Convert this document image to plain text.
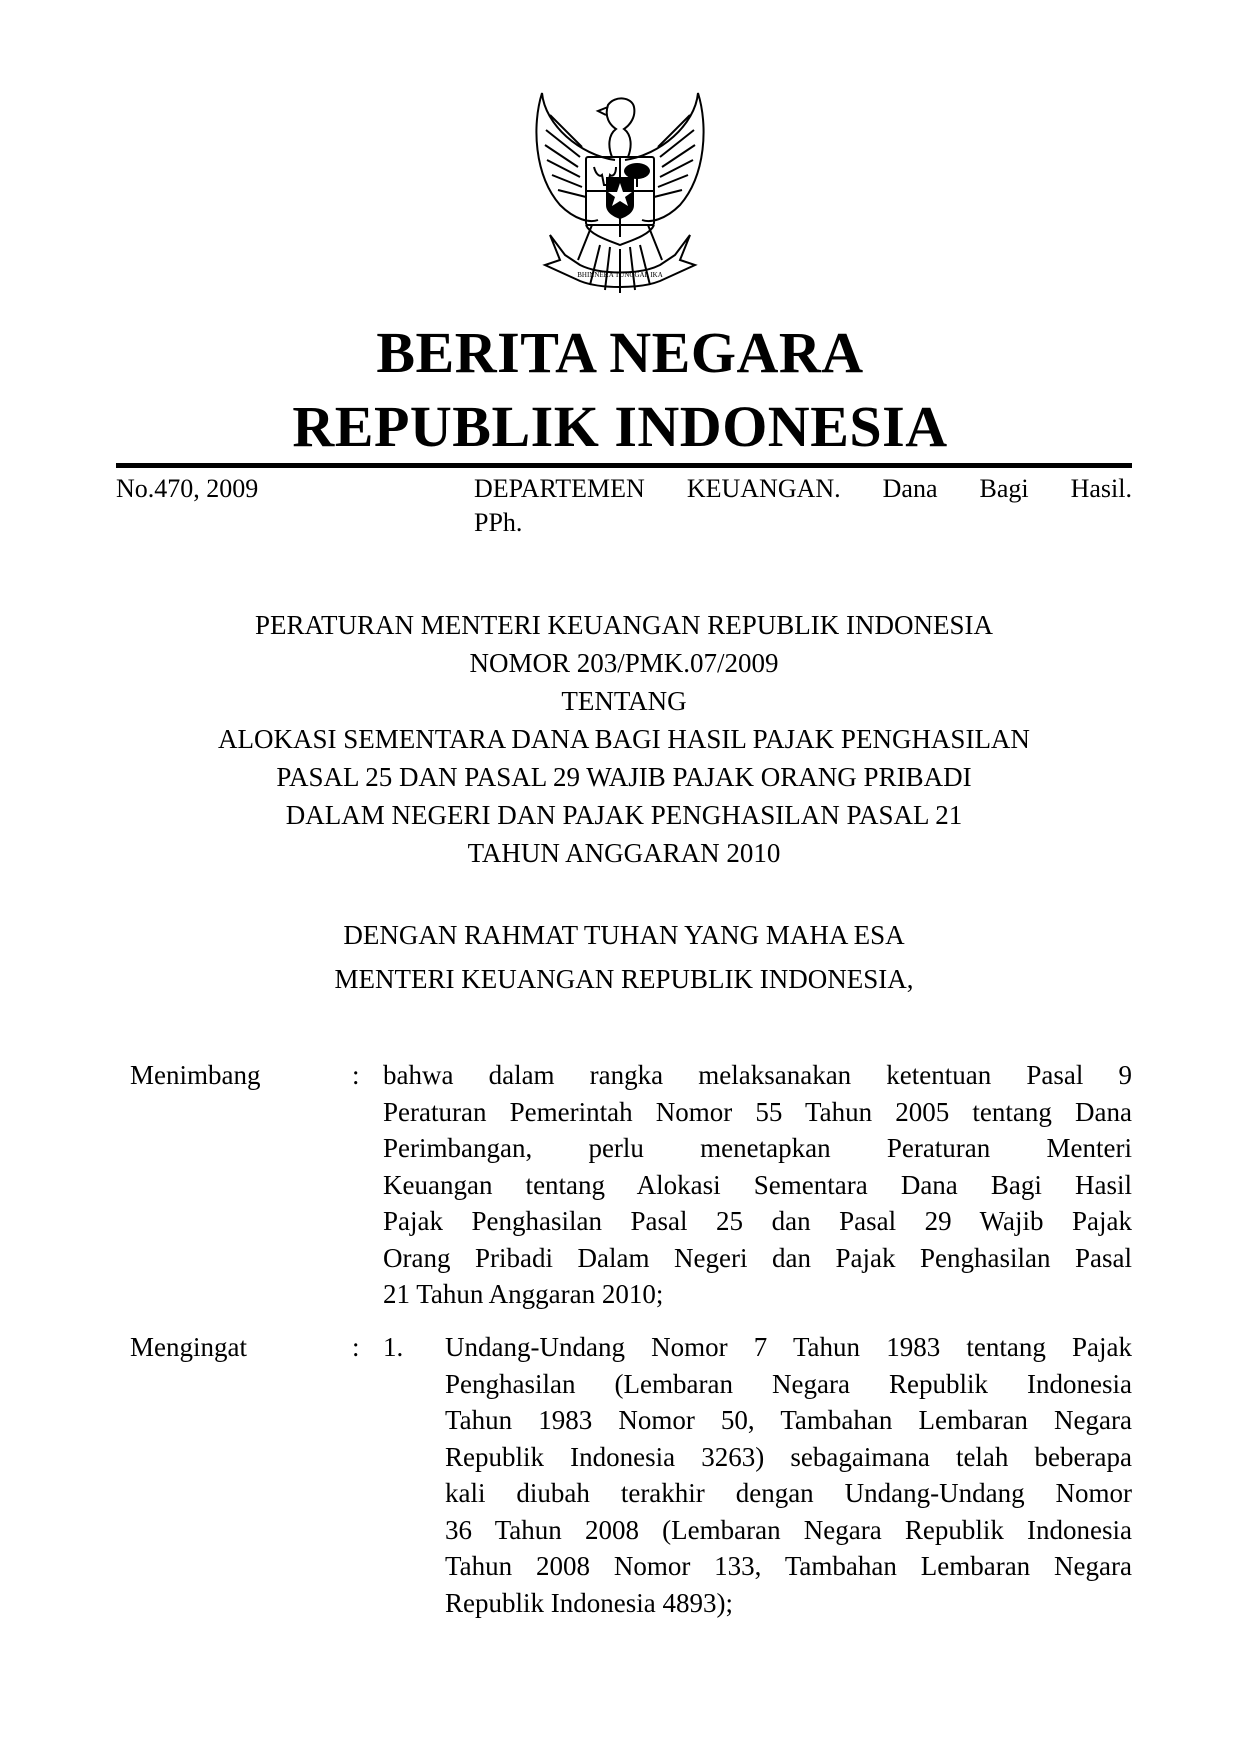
BHINNEKA TUNGGAL IKA
BERITA NEGARA
REPUBLIK INDONESIA
No.470, 2009	DEPARTEMEN KEUANGAN. Dana Bagi Hasil.
PPh.
PERATURAN MENTERI KEUANGAN REPUBLIK INDONESIA
NOMOR 203/PMK.07/2009
TENTANG
ALOKASI SEMENTARA DANA BAGI HASIL PAJAK PENGHASILAN
PASAL 25 DAN PASAL 29 WAJIB PAJAK ORANG PRIBADI
DALAM NEGERI DAN PAJAK PENGHASILAN PASAL 21
TAHUN ANGGARAN 2010
DENGAN RAHMAT TUHAN YANG MAHA ESA
MENTERI KEUANGAN REPUBLIK INDONESIA,
Menimbang	: bahwa dalam rangka melaksanakan ketentuan Pasal 9
Peraturan Pemerintah Nomor 55 Tahun 2005 tentang Dana
Perimbangan, perlu menetapkan Peraturan Menteri
Keuangan tentang Alokasi Sementara Dana Bagi Hasil
Pajak Penghasilan Pasal 25 dan Pasal 29 Wajib Pajak
Orang Pribadi Dalam Negeri dan Pajak Penghasilan Pasal
21 Tahun Anggaran 2010;
Mengingat	: 1. Undang-Undang Nomor 7 Tahun 1983 tentang Pajak
Penghasilan (Lembaran Negara Republik Indonesia
Tahun 1983 Nomor 50, Tambahan Lembaran Negara
Republik Indonesia 3263) sebagaimana telah beberapa
kali diubah terakhir dengan Undang-Undang Nomor
36 Tahun 2008 (Lembaran Negara Republik Indonesia
Tahun 2008 Nomor 133, Tambahan Lembaran Negara
Republik Indonesia 4893);
